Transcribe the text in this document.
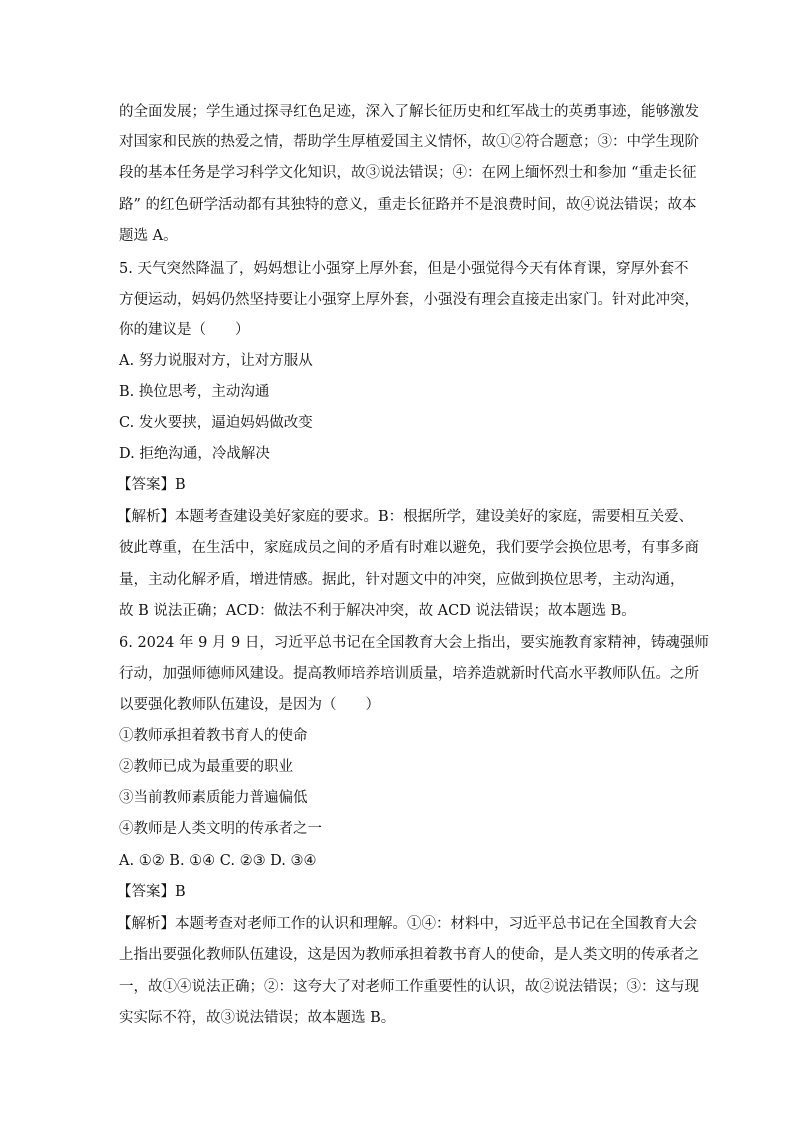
的全面发展；学生通过探寻红色足迹，深入了解长征历史和红军战士的英勇事迹，能够激发
对国家和民族的热爱之情，帮助学生厚植爱国主义情怀，故①②符合题意；③：中学生现阶
段的基本任务是学习科学文化知识，故③说法错误；④：在网上缅怀烈士和参加 “重走长征
路” 的红色研学活动都有其独特的意义，重走长征路并不是浪费时间，故④说法错误；故本
题选 A。
5. 天气突然降温了，妈妈想让小强穿上厚外套，但是小强觉得今天有体育课，穿厚外套不
方便运动，妈妈仍然坚持要让小强穿上厚外套，小强没有理会直接走出家门。针对此冲突，
你的建议是（　　）
A. 努力说服对方，让对方服从
B. 换位思考，主动沟通
C. 发火要挟，逼迫妈妈做改变
D. 拒绝沟通，冷战解决
【答案】B
【解析】本题考查建设美好家庭的要求。B：根据所学，建设美好的家庭，需要相互关爱、
彼此尊重，在生活中，家庭成员之间的矛盾有时难以避免，我们要学会换位思考，有事多商
量，主动化解矛盾，增进情感。据此，针对题文中的冲突，应做到换位思考，主动沟通，
故 B 说法正确；ACD：做法不利于解决冲突，故 ACD 说法错误；故本题选 B。
6. 2024 年 9 月 9 日，习近平总书记在全国教育大会上指出，要实施教育家精神，铸魂强师
行动，加强师德师风建设。提高教师培养培训质量，培养造就新时代高水平教师队伍。之所
以要强化教师队伍建设，是因为（　　）
①教师承担着教书育人的使命
②教师已成为最重要的职业
③当前教师素质能力普遍偏低
④教师是人类文明的传承者之一
A. ①② B. ①④ C. ②③ D. ③④
【答案】B
【解析】本题考查对老师工作的认识和理解。①④：材料中，习近平总书记在全国教育大会
上指出要强化教师队伍建设，这是因为教师承担着教书育人的使命，是人类文明的传承者之
一，故①④说法正确；②：这夸大了对老师工作重要性的认识，故②说法错误；③：这与现
实实际不符，故③说法错误；故本题选 B。
